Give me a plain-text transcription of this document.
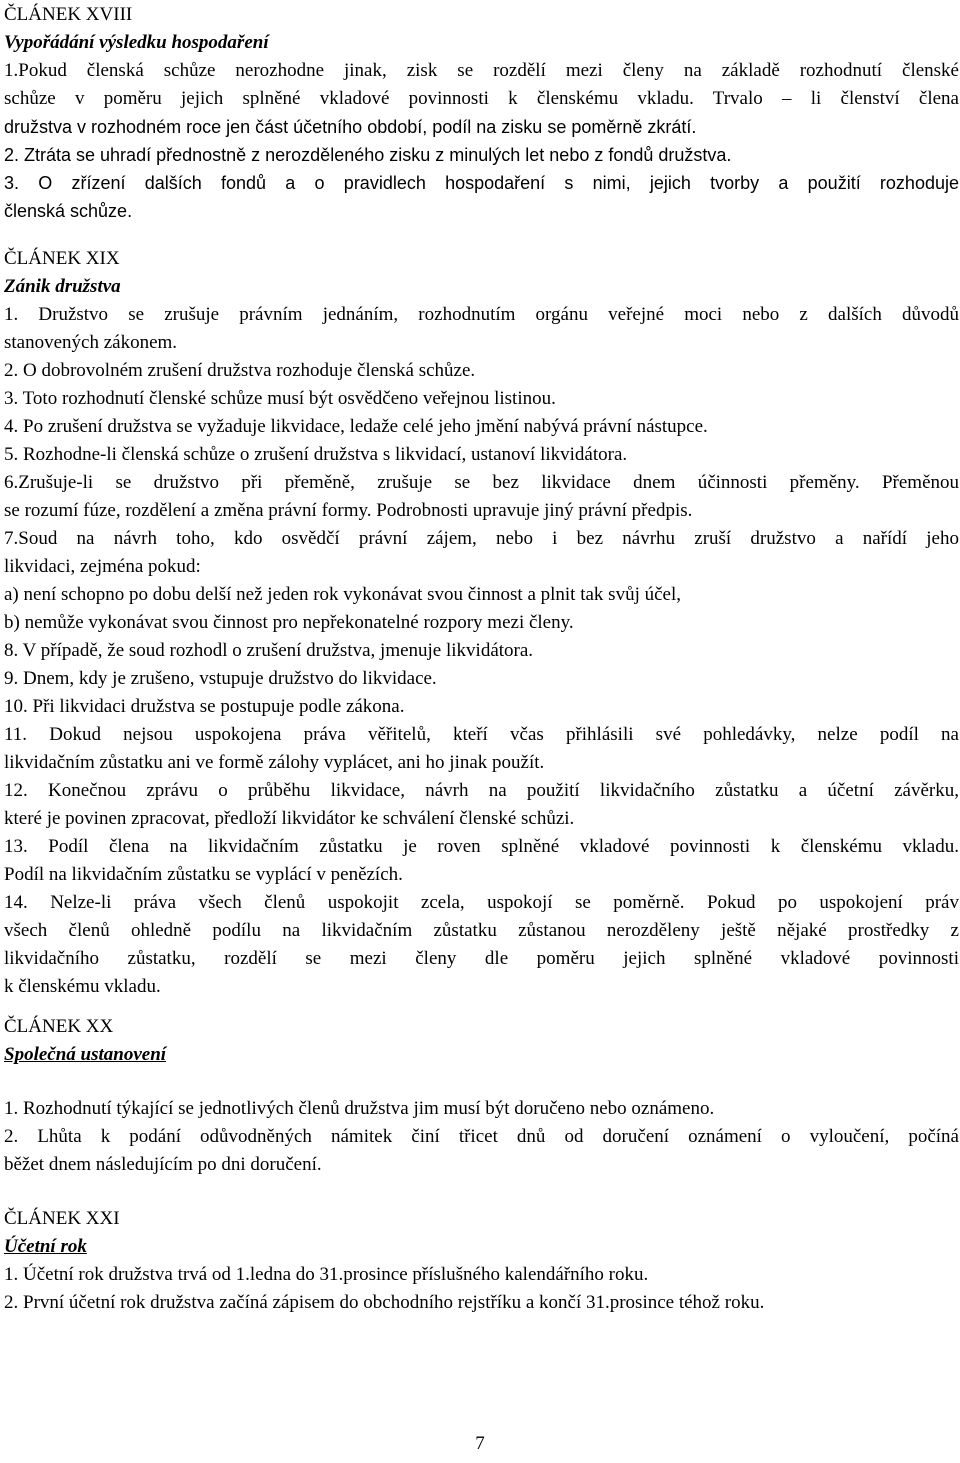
ČLÁNEK XVIII
Vypořádání výsledku hospodaření
1.Pokud členská schůze nerozhodne jinak, zisk se rozdělí mezi členy na základě rozhodnutí členské
schůze v poměru jejich splněné vkladové povinnosti k členskému vkladu. Trvalo – li členství člena
družstva v rozhodném roce jen část účetního období, podíl na zisku se poměrně zkrátí.
2. Ztráta se uhradí přednostně z nerozděleného zisku z minulých let nebo z fondů družstva.
3. O zřízení dalších fondů a o pravidlech hospodaření s nimi, jejich tvorby a použití rozhoduje
členská schůze.
ČLÁNEK XIX
Zánik družstva
1. Družstvo se zrušuje právním jednáním, rozhodnutím orgánu veřejné moci nebo z dalších důvodů
stanovených zákonem.
2. O dobrovolném zrušení družstva rozhoduje členská schůze.
3. Toto rozhodnutí členské schůze musí být osvědčeno veřejnou listinou.
4. Po zrušení družstva se vyžaduje likvidace, ledaže celé jeho jmění nabývá právní nástupce.
5. Rozhodne-li členská schůze o zrušení družstva s likvidací, ustanoví likvidátora.
6.Zrušuje-li se družstvo při přeměně, zrušuje se bez likvidace dnem účinnosti přeměny. Přeměnou
se rozumí fúze, rozdělení a změna právní formy. Podrobnosti upravuje jiný právní předpis.
7.Soud na návrh toho, kdo osvědčí právní zájem, nebo i bez návrhu zruší družstvo a nařídí jeho
likvidaci, zejména pokud:
a) není schopno po dobu delší než jeden rok vykonávat svou činnost a plnit tak svůj účel,
b) nemůže vykonávat svou činnost pro nepřekonatelné rozpory mezi členy.
8. V případě, že soud rozhodl o zrušení družstva, jmenuje likvidátora.
9. Dnem, kdy je zrušeno, vstupuje družstvo do likvidace.
10. Při likvidaci družstva se postupuje podle zákona.
11. Dokud nejsou uspokojena práva věřitelů, kteří včas přihlásili své pohledávky, nelze podíl na
likvidačním zůstatku ani ve formě zálohy vyplácet, ani ho jinak použít.
12. Konečnou zprávu o průběhu likvidace, návrh na použití likvidačního zůstatku a účetní závěrku,
které je povinen zpracovat, předloží likvidátor ke schválení členské schůzi.
13. Podíl člena na likvidačním zůstatku je roven splněné vkladové povinnosti k členskému vkladu.
Podíl na likvidačním zůstatku se vyplácí v penězích.
14. Nelze-li práva všech členů uspokojit zcela, uspokojí se poměrně. Pokud po uspokojení práv
všech členů ohledně podílu na likvidačním zůstatku zůstanou nerozděleny ještě nějaké prostředky z
likvidačního zůstatku, rozdělí se mezi členy dle poměru jejich splněné vkladové povinnosti
k členskému vkladu.
ČLÁNEK XX
Společná ustanovení
1. Rozhodnutí týkající se jednotlivých členů družstva jim musí být doručeno nebo oznámeno.
2. Lhůta k podání odůvodněných námitek činí třicet dnů od doručení oznámení o vyloučení, počíná
běžet dnem následujícím po dni doručení.
ČLÁNEK XXI
Účetní rok
1. Účetní rok družstva trvá od 1.ledna do 31.prosince příslušného kalendářního roku.
2. První účetní rok družstva začíná zápisem do obchodního rejstříku a končí 31.prosince téhož roku.
7
